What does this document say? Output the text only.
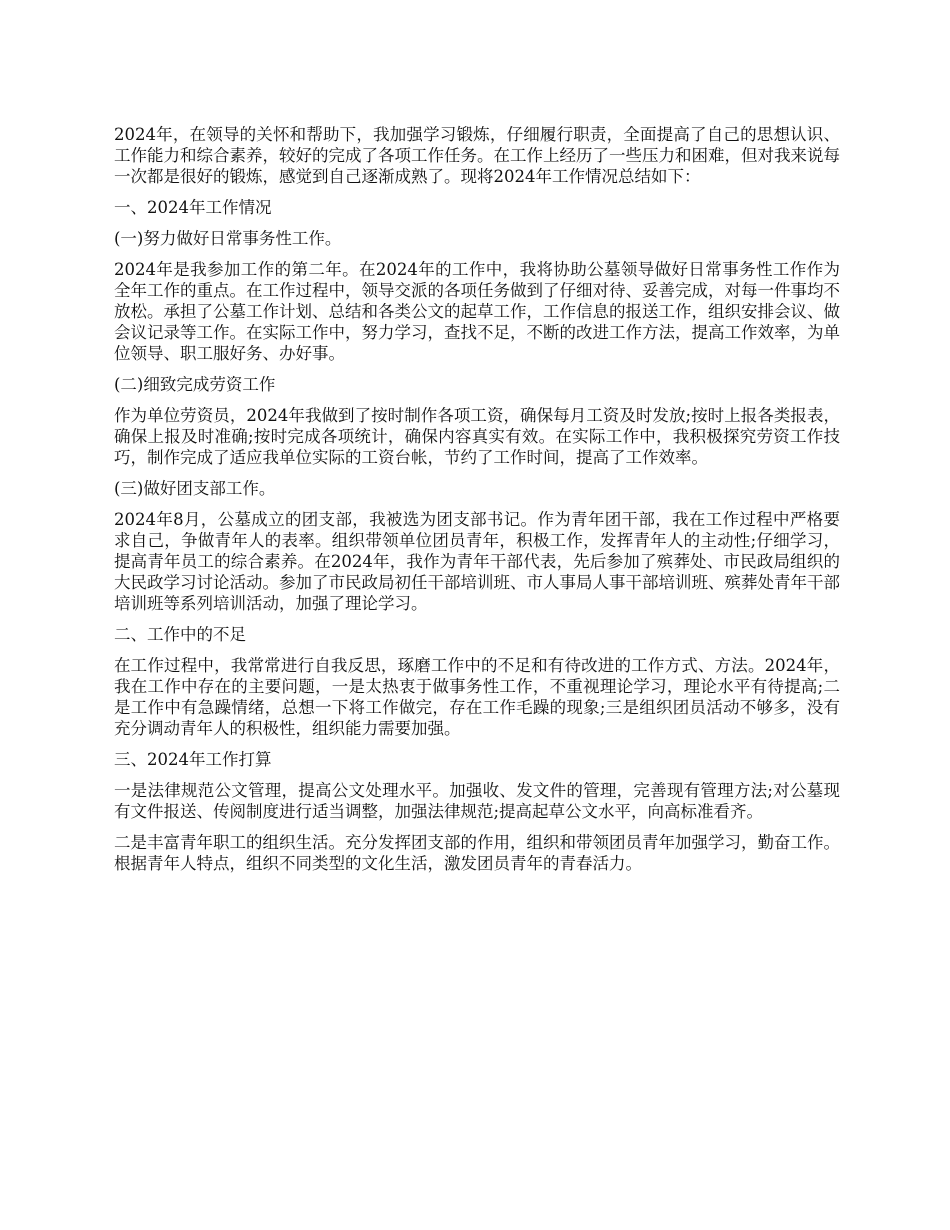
2024年，在领导的关怀和帮助下，我加强学习锻炼，仔细履行职责，全面提高了自己的思想认识、工作能力和综合素养，较好的完成了各项工作任务。在工作上经历了一些压力和困难，但对我来说每一次都是很好的锻炼，感觉到自己逐渐成熟了。现将2024年工作情况总结如下：

一、2024年工作情况

(一)努力做好日常事务性工作。

2024年是我参加工作的第二年。在2024年的工作中，我将协助公墓领导做好日常事务性工作作为全年工作的重点。在工作过程中，领导交派的各项任务做到了仔细对待、妥善完成，对每一件事均不放松。承担了公墓工作计划、总结和各类公文的起草工作，工作信息的报送工作，组织安排会议、做会议记录等工作。在实际工作中，努力学习，查找不足，不断的改进工作方法，提高工作效率，为单位领导、职工服好务、办好事。

(二)细致完成劳资工作

作为单位劳资员，2024年我做到了按时制作各项工资，确保每月工资及时发放;按时上报各类报表，确保上报及时准确;按时完成各项统计，确保内容真实有效。在实际工作中，我积极探究劳资工作技巧，制作完成了适应我单位实际的工资台帐，节约了工作时间，提高了工作效率。

(三)做好团支部工作。

2024年8月，公墓成立的团支部，我被选为团支部书记。作为青年团干部，我在工作过程中严格要求自己，争做青年人的表率。组织带领单位团员青年，积极工作，发挥青年人的主动性;仔细学习，提高青年员工的综合素养。在2024年，我作为青年干部代表，先后参加了殡葬处、市民政局组织的大民政学习讨论活动。参加了市民政局初任干部培训班、市人事局人事干部培训班、殡葬处青年干部培训班等系列培训活动，加强了理论学习。

二、工作中的不足

在工作过程中，我常常进行自我反思，琢磨工作中的不足和有待改进的工作方式、方法。2024年，我在工作中存在的主要问题，一是太热衷于做事务性工作，不重视理论学习，理论水平有待提高;二是工作中有急躁情绪，总想一下将工作做完，存在工作毛躁的现象;三是组织团员活动不够多，没有充分调动青年人的积极性，组织能力需要加强。

三、2024年工作打算

一是法律规范公文管理，提高公文处理水平。加强收、发文件的管理，完善现有管理方法;对公墓现有文件报送、传阅制度进行适当调整，加强法律规范;提高起草公文水平，向高标准看齐。

二是丰富青年职工的组织生活。充分发挥团支部的作用，组织和带领团员青年加强学习，勤奋工作。根据青年人特点，组织不同类型的文化生活，激发团员青年的青春活力。
